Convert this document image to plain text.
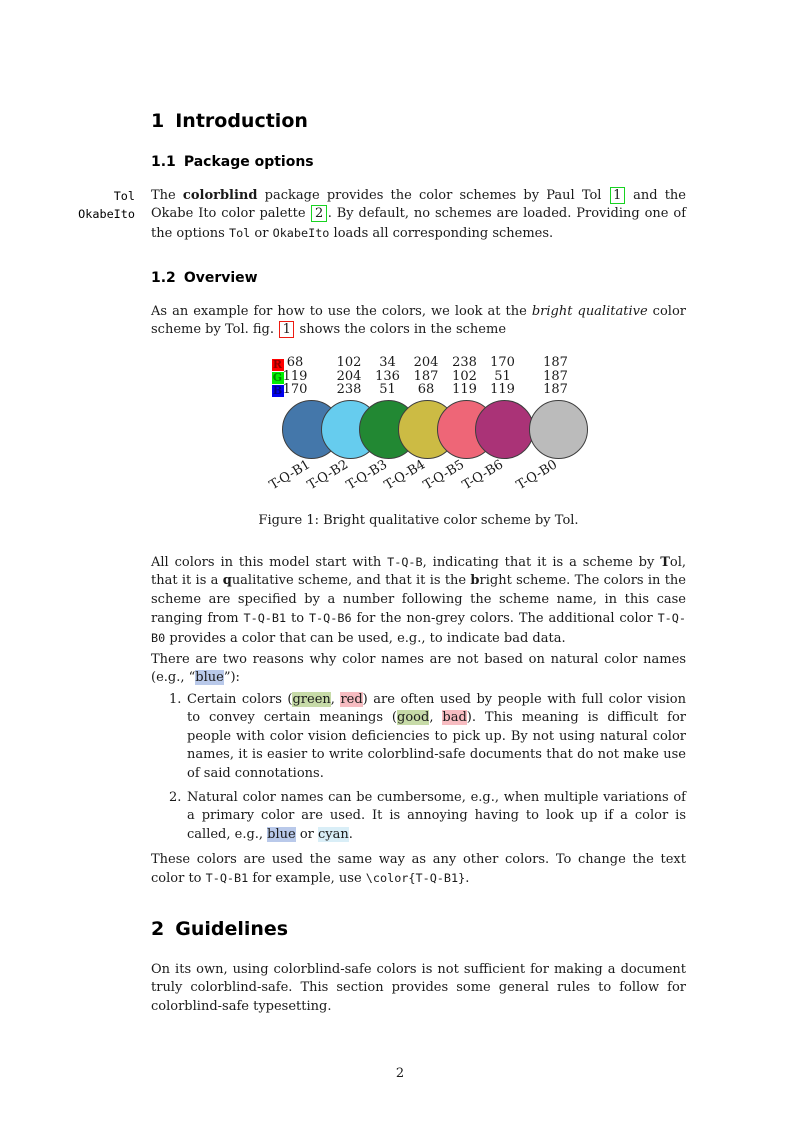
1 Introduction
1.1 Package options
Tol
OkabeIto
The colorblind package provides the color schemes by Paul Tol 1 and the Okabe Ito color palette 2 . By default, no schemes are loaded. Providing one of the options Tol or OkabeIto loads all corresponding schemes.
1.2 Overview
As an example for how to use the colors, we look at the bright qualitative color scheme by Tol. fig. 1 shows the colors in the scheme
R
G
B
68
119
170
T-Q-B1
102
204
238
T-Q-B2
34
136
51
T-Q-B3
204
187
68
T-Q-B4
238
102
119
T-Q-B5
170
51
119
T-Q-B6
187
187
187
T-Q-B0
Figure 1: Bright qualitative color scheme by Tol.
All colors in this model start with T-Q-B, indicating that it is a scheme by Tol, that it is a qualitative scheme, and that it is the bright scheme. The colors in the scheme are specified by a number following the scheme name, in this case ranging from T-Q-B1 to T-Q-B6 for the non-grey colors. The additional color T-Q-B0 provides a color that can be used, e.g., to indicate bad data.
There are two reasons why color names are not based on natural color names (e.g., “blue”):
1. Certain colors (green, red) are often used by people with full color vision to convey certain meanings (good, bad). This meaning is difficult for people with color vision deficiencies to pick up. By not using natural color names, it is easier to write colorblind-safe documents that do not make use of said connotations.
2. Natural color names can be cumbersome, e.g., when multiple variations of a primary color are used. It is annoying having to look up if a color is called, e.g., blue or cyan.
These colors are used the same way as any other colors. To change the text color to T-Q-B1 for example, use \color{T-Q-B1}.
2 Guidelines
On its own, using colorblind-safe colors is not sufficient for making a document truly colorblind-safe. This section provides some general rules to follow for colorblind-safe typesetting.
2
